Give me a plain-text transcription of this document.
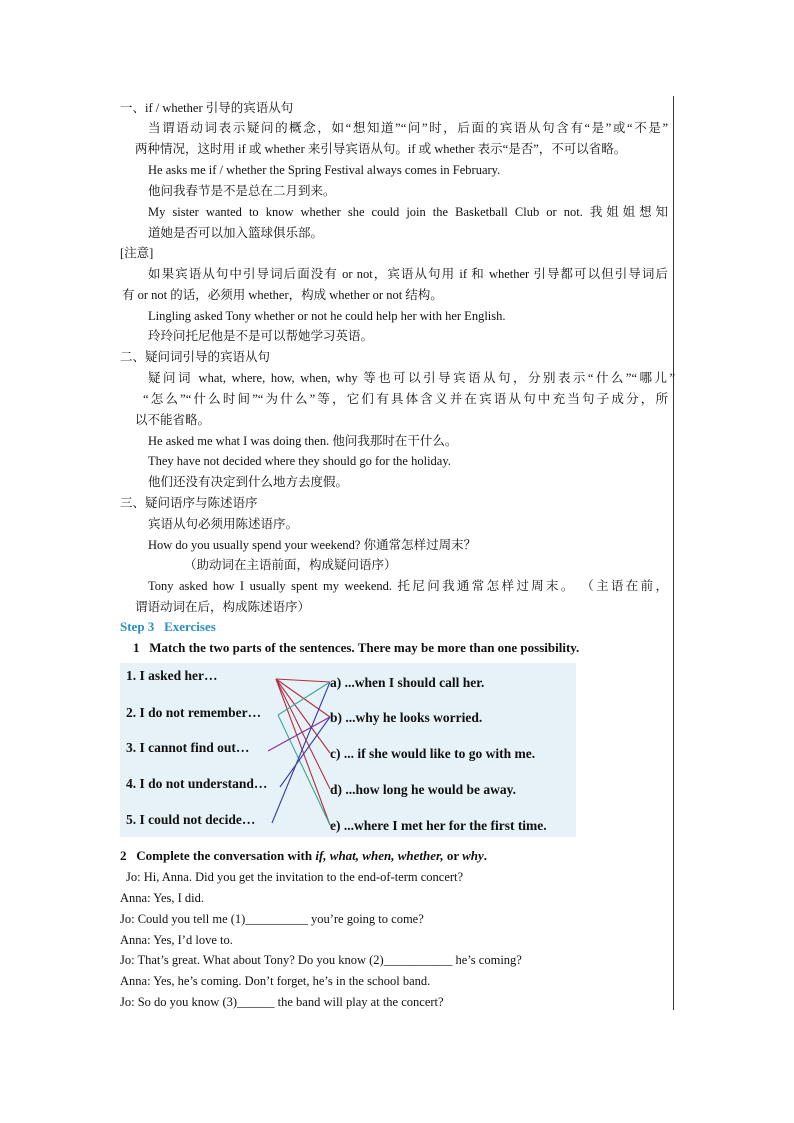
一、if / whether 引导的宾语从句
当谓语动词表示疑问的概念，如“想知道”“问”时，后面的宾语从句含有“是”或“不是”
两种情况，这时用 if 或 whether 来引导宾语从句。if 或 whether 表示“是否”，不可以省略。
He asks me if / whether the Spring Festival always comes in February.
他问我春节是不是总在二月到来。
My sister wanted to know whether she could join the Basketball Club or not. 我姐姐想知
道她是否可以加入篮球俱乐部。
[注意]
如果宾语从句中引导词后面没有 or not，宾语从句用 if 和 whether 引导都可以但引导词后
有 or not 的话，必须用 whether，构成 whether or not 结构。
Lingling asked Tony whether or not he could help her with her English.
玲玲问托尼他是不是可以帮她学习英语。
二、疑问词引导的宾语从句
疑问词 what, where, how, when, why 等也可以引导宾语从句，分别表示“什么”“哪儿”
“怎么”“什么时间”“为什么”等，它们有具体含义并在宾语从句中充当句子成分，所
以不能省略。
He asked me what I was doing then. 他问我那时在干什么。
They have not decided where they should go for the holiday.
他们还没有决定到什么地方去度假。
三、疑问语序与陈述语序
宾语从句必须用陈述语序。
How do you usually spend your weekend? 你通常怎样过周末？
（助动词在主语前面，构成疑问语序）
Tony asked how I usually spent my weekend. 托尼问我通常怎样过周末。 （主语在前，
谓语动词在后，构成陈述语序）
Step 3 Exercises
1 Match the two parts of the sentences. There may be more than one possibility.
1. I asked her…
2. I do not remember…
3. I cannot find out…
4. I do not understand…
5. I could not decide…
a) ...when I should call her.
b) ...why he looks worried.
c) ... if she would like to go with me.
d) ...how long he would be away.
e) ...where I met her for the first time.
2 Complete the conversation with if, what, when, whether, or why.
Jo: Hi, Anna. Did you get the invitation to the end-of-term concert?
Anna: Yes, I did.
Jo: Could you tell me (1)__________ you’re going to come?
Anna: Yes, I’d love to.
Jo: That’s great. What about Tony? Do you know (2)___________ he’s coming?
Anna: Yes, he’s coming. Don’t forget, he’s in the school band.
Jo: So do you know (3)______ the band will play at the concert?
